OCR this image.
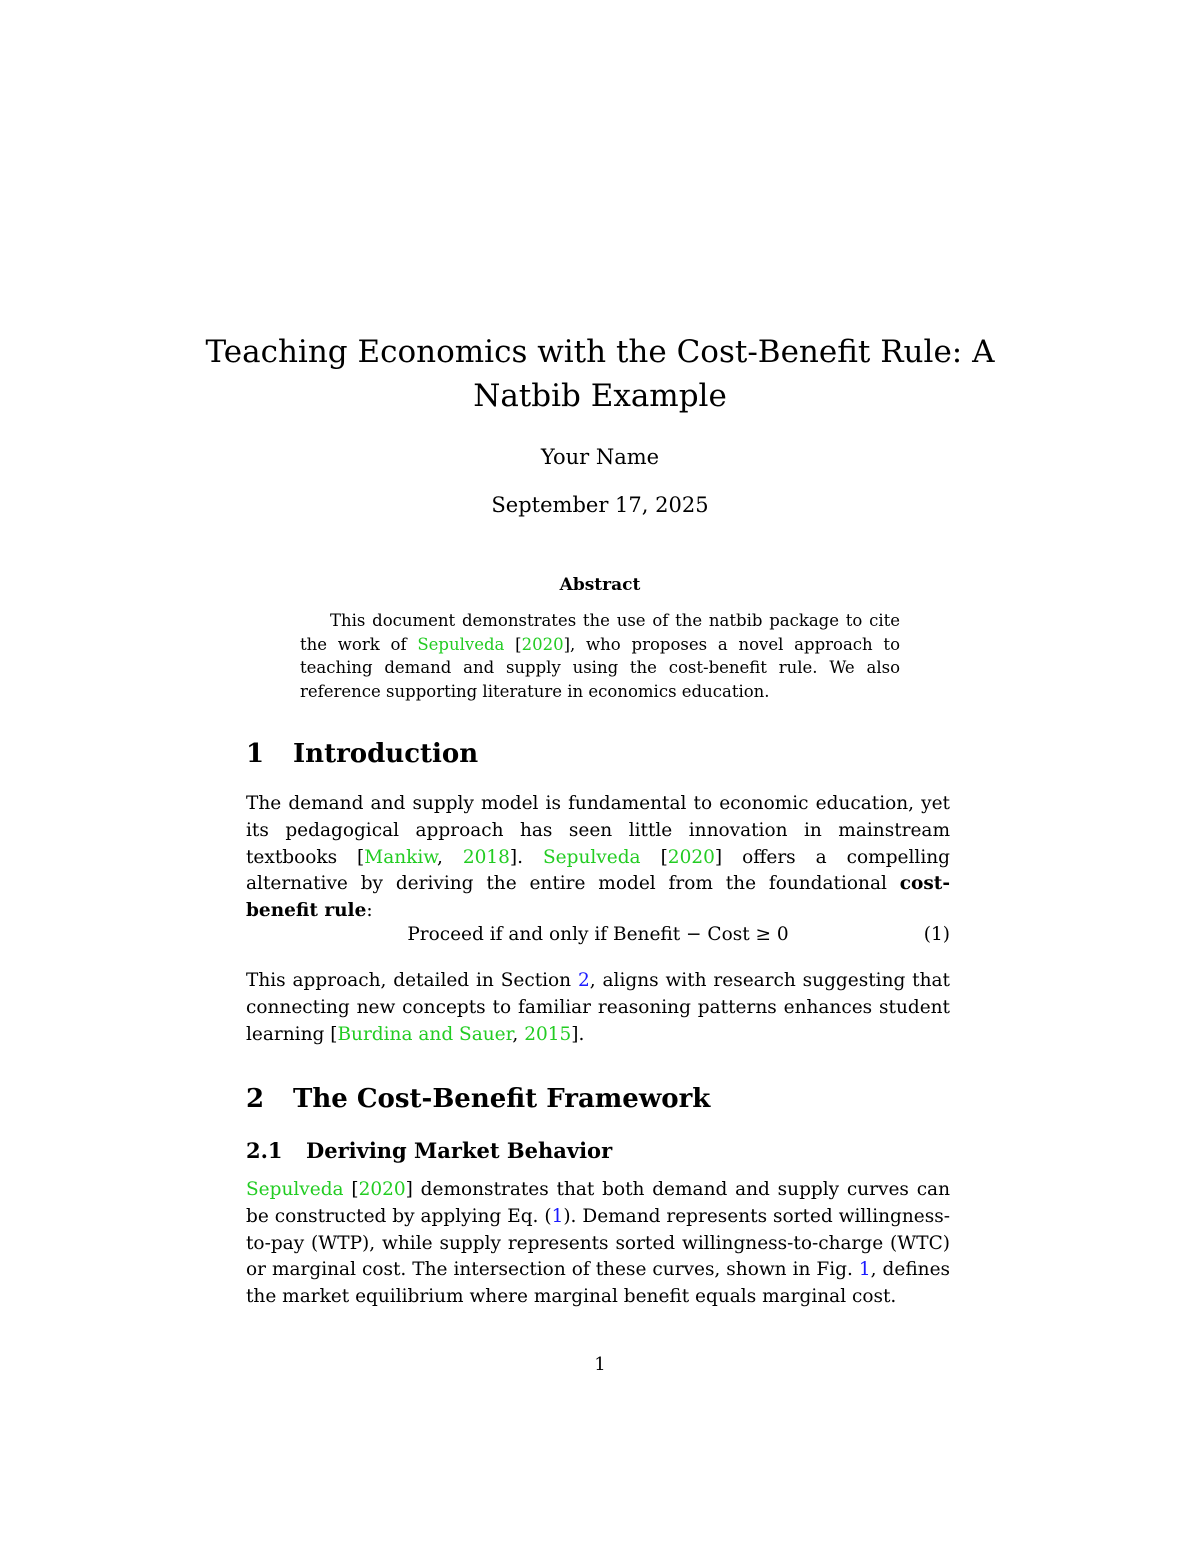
Teaching Economics with the Cost-Benefit Rule: A Natbib Example
Your Name
September 17, 2025
Abstract

This document demonstrates the use of the natbib package to cite the work of Sepulveda [2020], who proposes a novel approach to teaching demand and supply using the cost-benefit rule. We also reference supporting literature in economics education.

1 Introduction

The demand and supply model is fundamental to economic education, yet its pedagogical approach has seen little innovation in mainstream textbooks [Mankiw, 2018]. Sepulveda [2020] offers a compelling alternative by deriving the entire model from the foundational cost-benefit rule:

Proceed if and only if Benefit − Cost ≥ 0	(1)

This approach, detailed in Section 2, aligns with research suggesting that connecting new concepts to familiar reasoning patterns enhances student learning [Burdina and Sauer, 2015].

2 The Cost-Benefit Framework
2.1 Deriving Market Behavior

Sepulveda [2020] demonstrates that both demand and supply curves can be constructed by applying Eq. (1). Demand represents sorted willingness-to-pay (WTP), while supply represents sorted willingness-to-charge (WTC) or marginal cost. The intersection of these curves, shown in Fig. 1, defines the market equilibrium where marginal benefit equals marginal cost.

1
